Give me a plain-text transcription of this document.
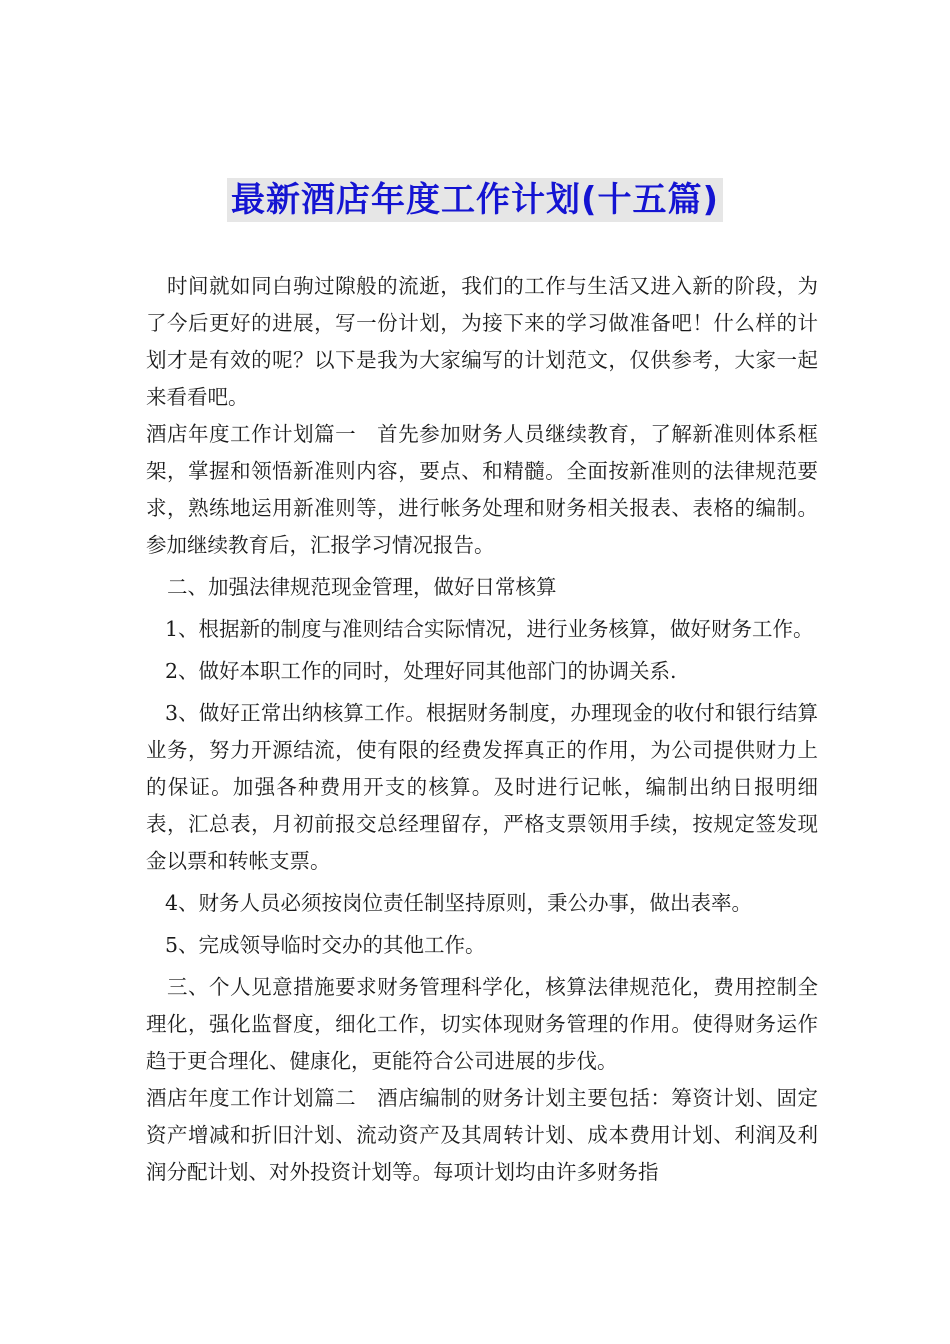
最新酒店年度工作计划(十五篇)

时间就如同白驹过隙般的流逝，我们的工作与生活又进入新的阶段，为了今后更好的进展，写一份计划，为接下来的学习做准备吧！什么样的计划才是有效的呢？以下是我为大家编写的计划范文，仅供参考，大家一起来看看吧。

酒店年度工作计划篇一　首先参加财务人员继续教育，了解新准则体系框架，掌握和领悟新准则内容，要点、和精髓。全面按新准则的法律规范要求，熟练地运用新准则等，进行帐务处理和财务相关报表、表格的编制。 参加继续教育后，汇报学习情况报告。

二、加强法律规范现金管理，做好日常核算

1、根据新的制度与准则结合实际情况，进行业务核算，做好财务工作。

2、做好本职工作的同时，处理好同其他部门的协调关系.

3、做好正常出纳核算工作。根据财务制度，办理现金的收付和银行结算业务，努力开源结流，使有限的经费发挥真正的作用，为公司提供财力上的保证。加强各种费用开支的核算。及时进行记帐，编制出纳日报明细表，汇总表，月初前报交总经理留存，严格支票领用手续，按规定签发现金以票和转帐支票。

4、财务人员必须按岗位责任制坚持原则，秉公办事，做出表率。

5、完成领导临时交办的其他工作。

三、个人见意措施要求财务管理科学化，核算法律规范化，费用控制全理化，强化监督度，细化工作，切实体现财务管理的作用。使得财务运作趋于更合理化、健康化，更能符合公司进展的步伐。

酒店年度工作计划篇二　酒店编制的财务计划主要包括：筹资计划、固定资产增减和折旧汁划、流动资产及其周转计划、成本费用计划、利润及利润分配计划、对外投资计划等。每项计划均由许多财务指
